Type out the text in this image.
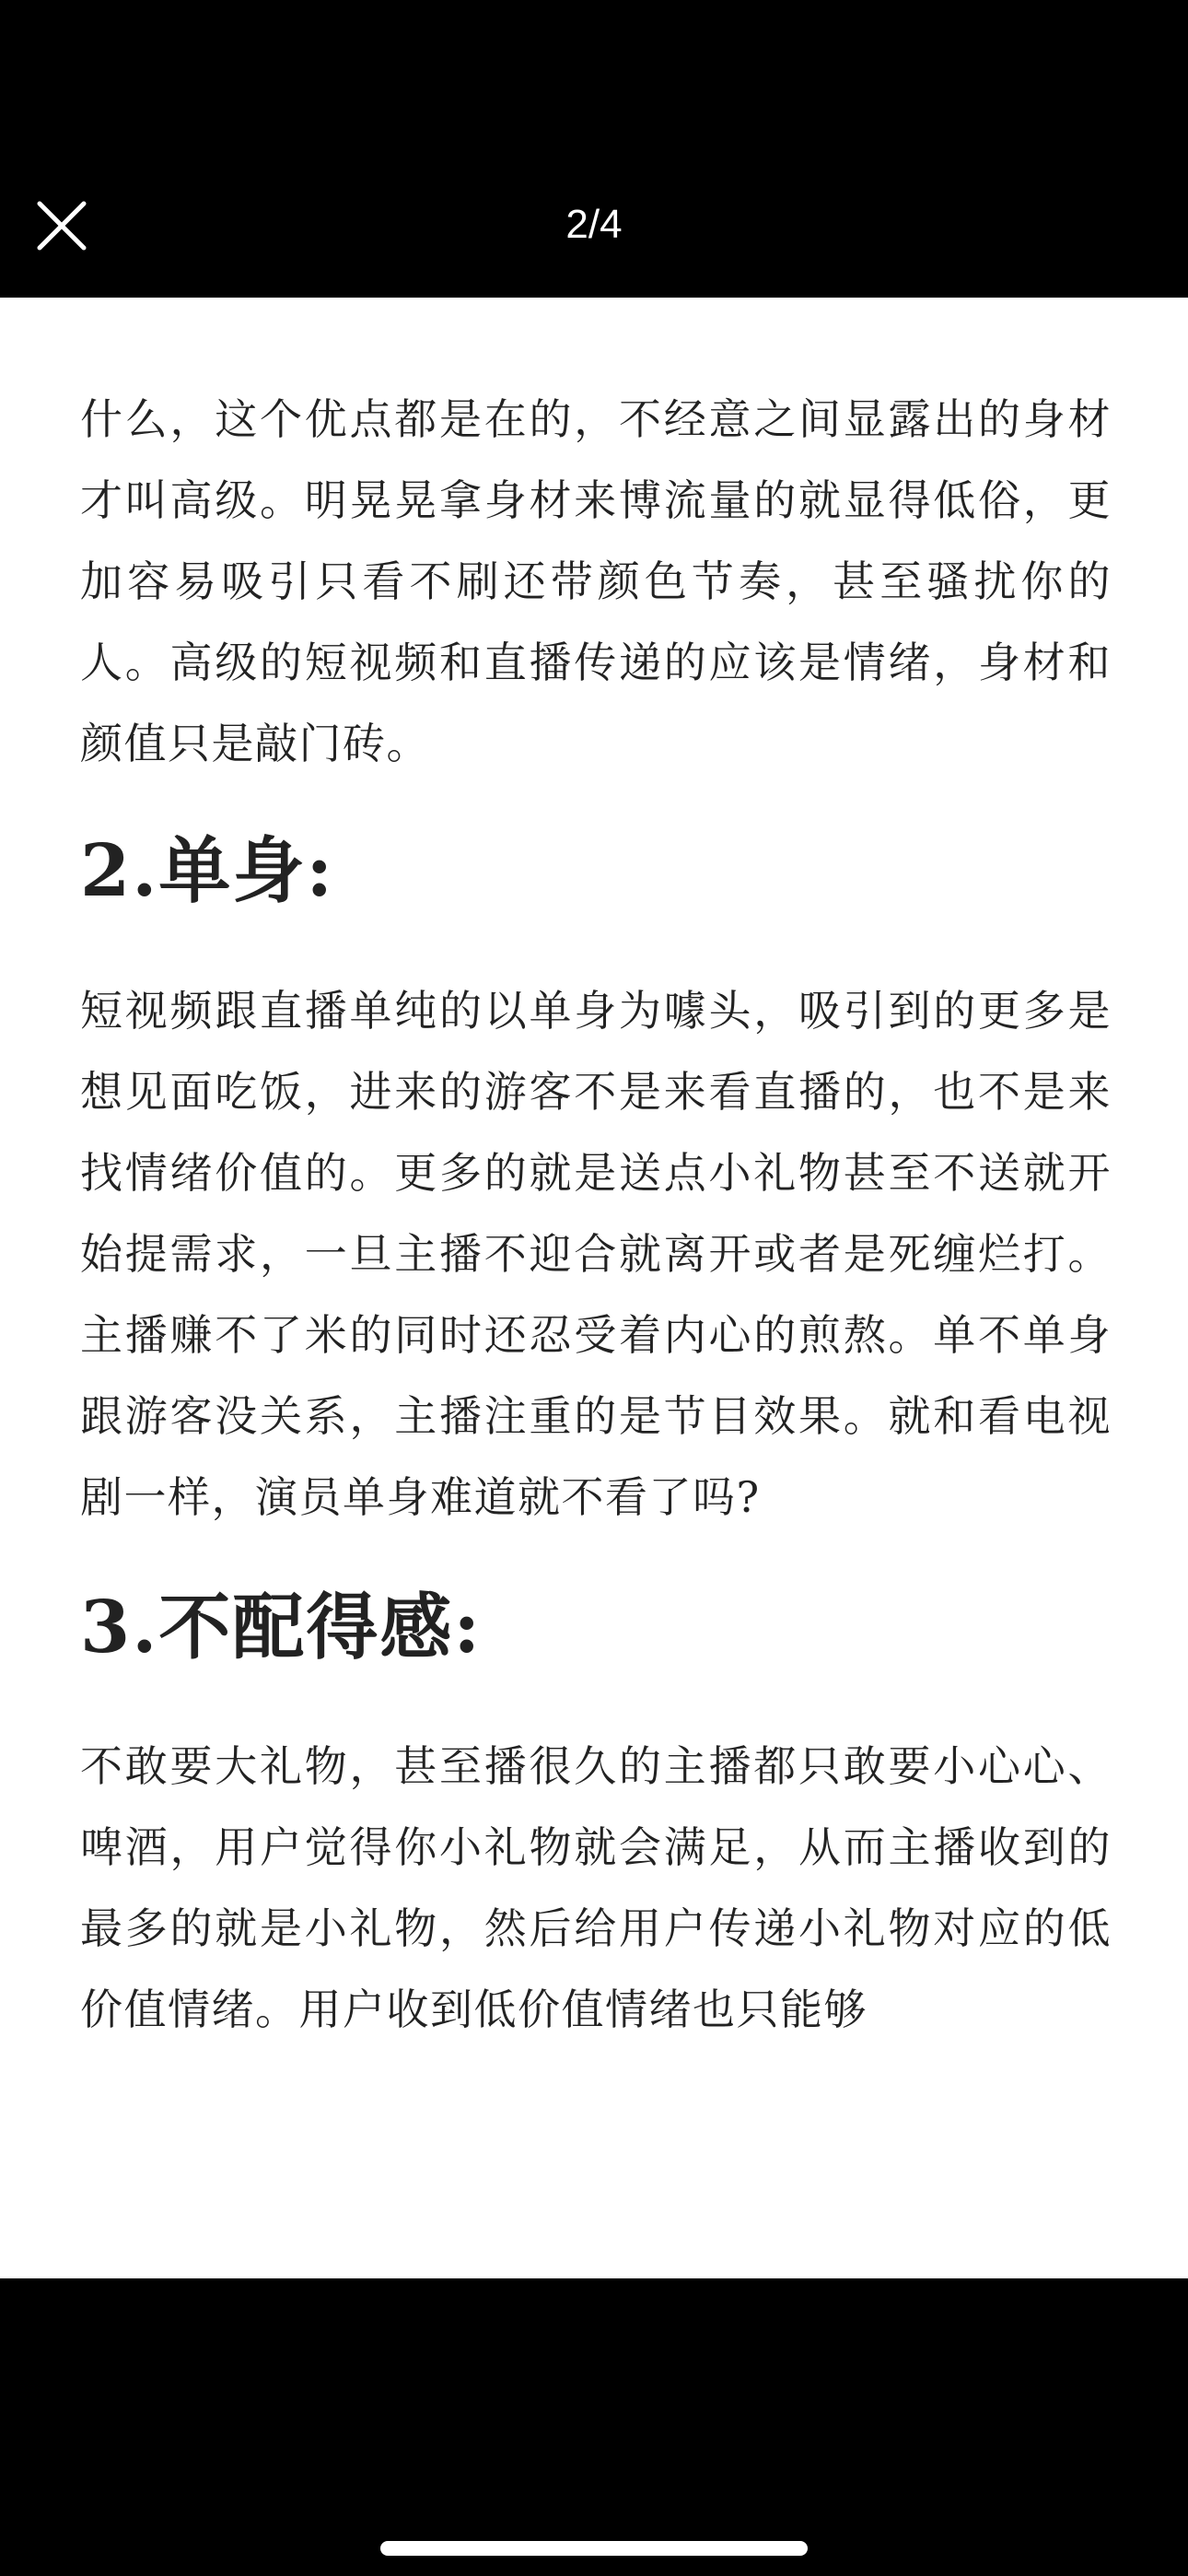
2/4

什么，这个优点都是在的，不经意之间显露出的身材才叫高级。明晃晃拿身材来博流量的就显得低俗，更加容易吸引只看不刷还带颜色节奏，甚至骚扰你的人。高级的短视频和直播传递的应该是情绪，身材和颜值只是敲门砖。

2.单身:

短视频跟直播单纯的以单身为噱头，吸引到的更多是想见面吃饭，进来的游客不是来看直播的，也不是来找情绪价值的。更多的就是送点小礼物甚至不送就开始提需求，一旦主播不迎合就离开或者是死缠烂打。主播赚不了米的同时还忍受着内心的煎熬。单不单身跟游客没关系，主播注重的是节目效果。就和看电视剧一样，演员单身难道就不看了吗?

3.不配得感:

不敢要大礼物，甚至播很久的主播都只敢要小心心、啤酒，用户觉得你小礼物就会满足，从而主播收到的最多的就是小礼物，然后给用户传递小礼物对应的低价值情绪。用户收到低价值情绪也只能够
